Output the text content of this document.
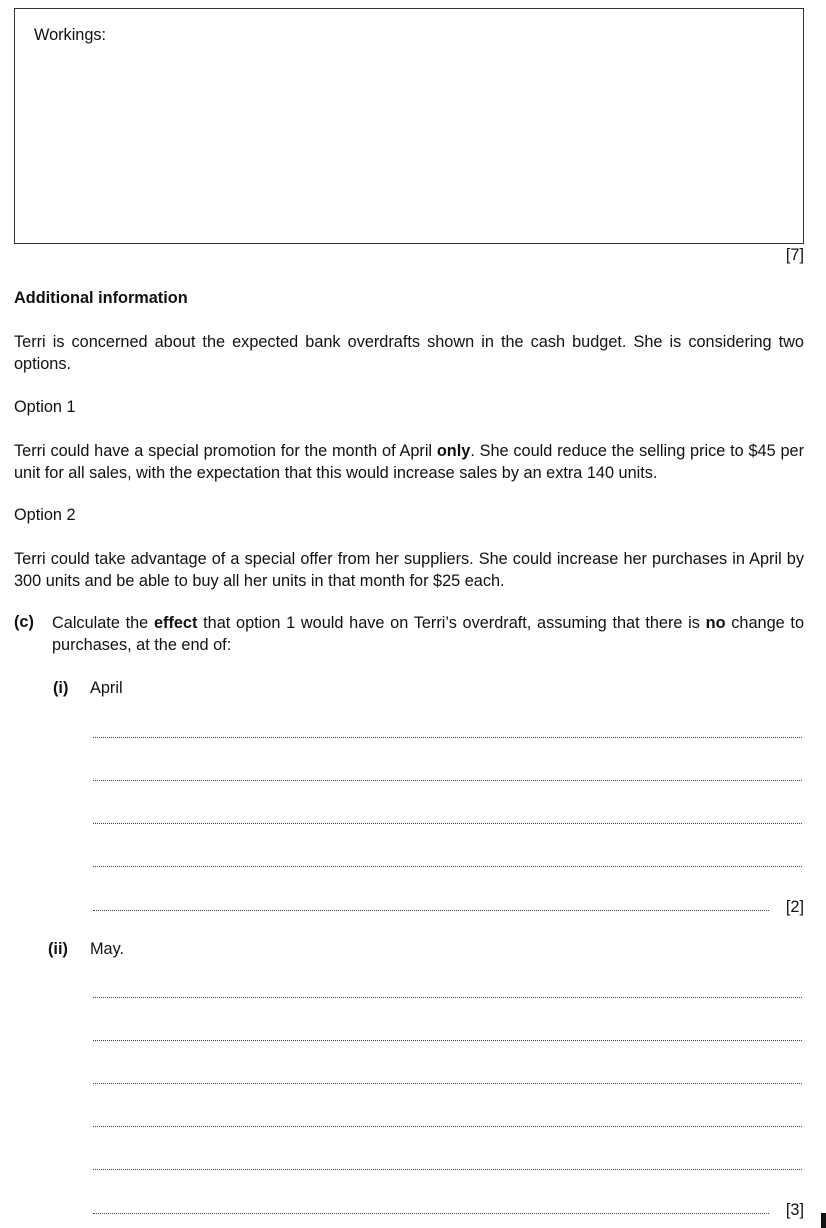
Workings:
[7]
Additional information
Terri is concerned about the expected bank overdrafts shown in the cash budget. She is considering two options.
Option 1
Terri could have a special promotion for the month of April only. She could reduce the selling price to $45 per unit for all sales, with the expectation that this would increase sales by an extra 140 units.
Option 2
Terri could take advantage of a special offer from her suppliers. She could increase her purchases in April by 300 units and be able to buy all her units in that month for $25 each.
(c) Calculate the effect that option 1 would have on Terri’s overdraft, assuming that there is no change to purchases, at the end of:
(i) April
[2]
(ii) May.
[3]
